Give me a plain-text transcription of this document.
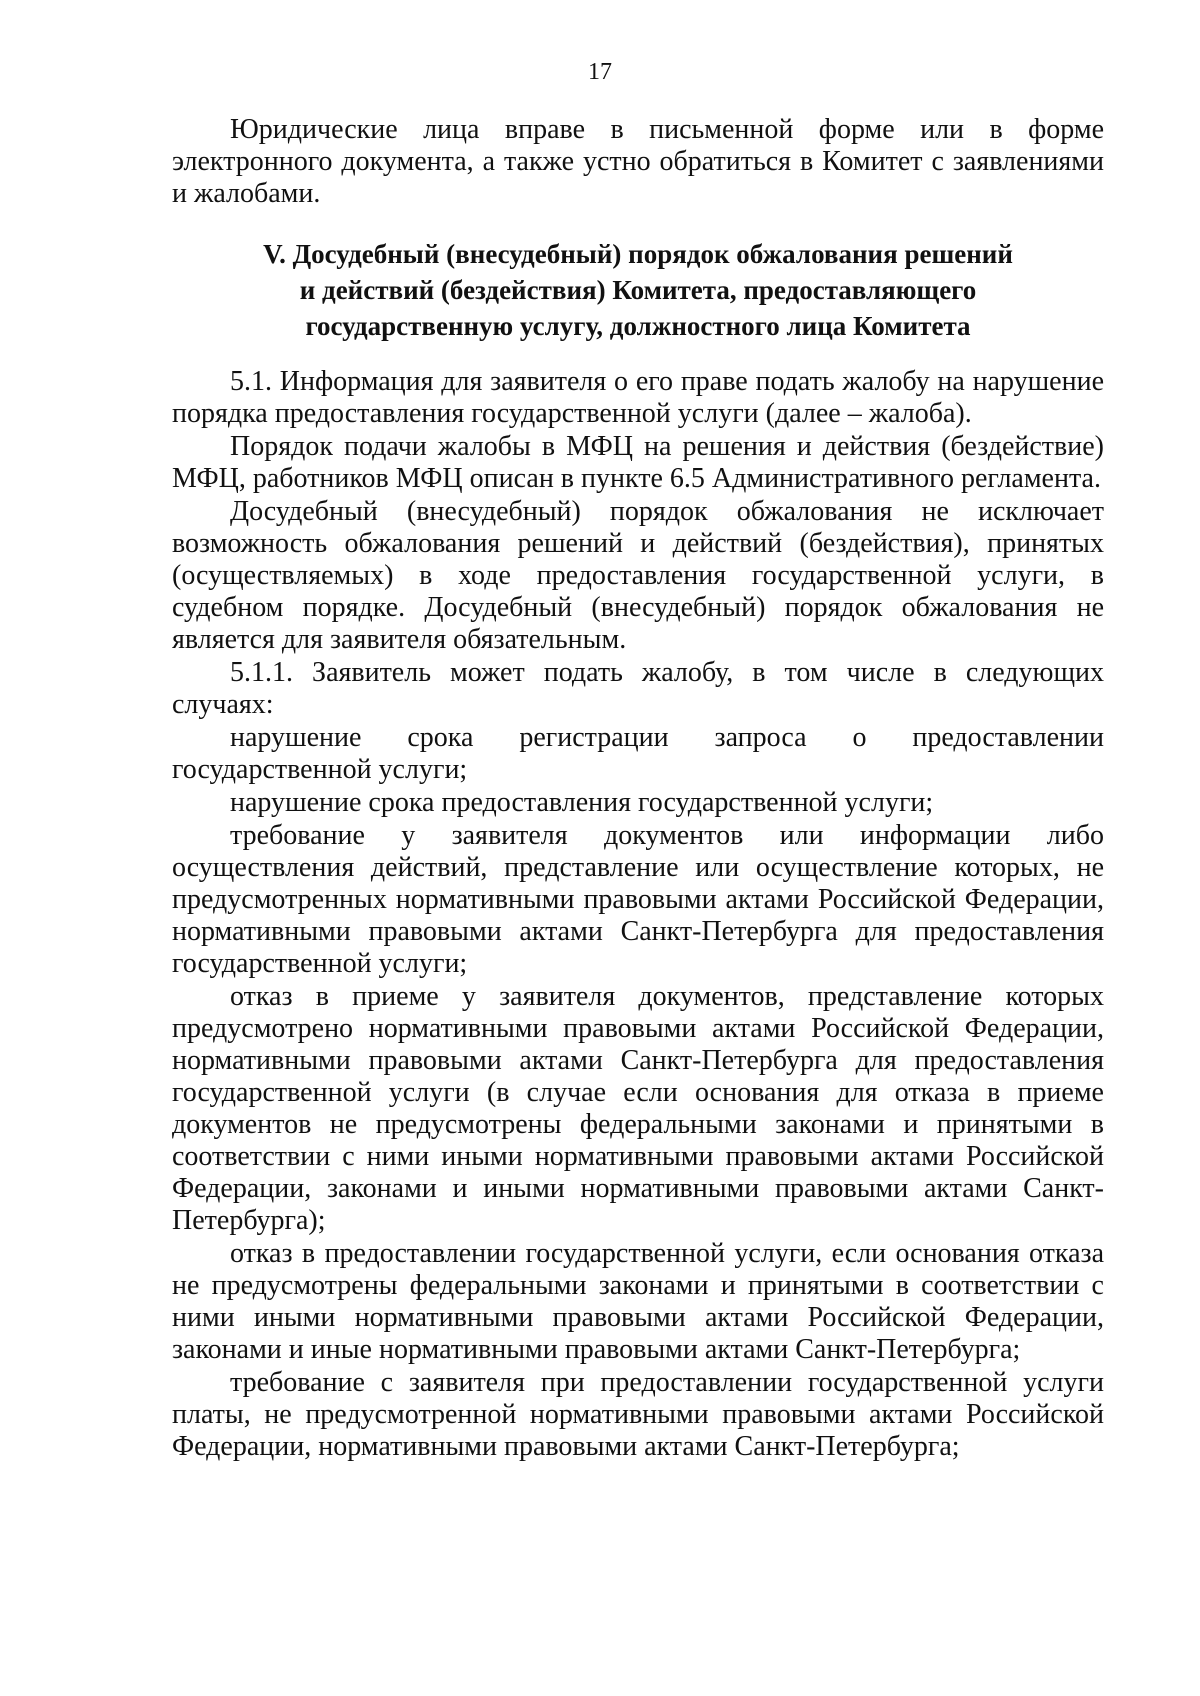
17

Юридические лица вправе в письменной форме или в форме электронного документа, а также устно обратиться в Комитет с заявлениями и жалобами.

V. Досудебный (внесудебный) порядок обжалования решений
и действий (бездействия) Комитета, предоставляющего
государственную услугу, должностного лица Комитета

5.1. Информация для заявителя о его праве подать жалобу на нарушение порядка предоставления государственной услуги (далее – жалоба).

Порядок подачи жалобы в МФЦ на решения и действия (бездействие) МФЦ, работников МФЦ описан в пункте 6.5 Административного регламента.

Досудебный (внесудебный) порядок обжалования не исключает возможность обжалования решений и действий (бездействия), принятых (осуществляемых) в ходе предоставления государственной услуги, в судебном порядке. Досудебный (внесудебный) порядок обжалования не является для заявителя обязательным.

5.1.1. Заявитель может подать жалобу, в том числе в следующих случаях:

нарушение срока регистрации запроса о предоставлении государственной услуги;

нарушение срока предоставления государственной услуги;

требование у заявителя документов или информации либо осуществления действий, представление или осуществление которых, не предусмотренных нормативными правовыми актами Российской Федерации, нормативными правовыми актами Санкт-Петербурга для предоставления государственной услуги;

отказ в приеме у заявителя документов, представление которых предусмотрено нормативными правовыми актами Российской Федерации, нормативными правовыми актами Санкт-Петербурга для предоставления государственной услуги (в случае если основания для отказа в приеме документов не предусмотрены федеральными законами и принятыми в соответствии с ними иными нормативными правовыми актами Российской Федерации, законами и иными нормативными правовыми актами Санкт-Петербурга);

отказ в предоставлении государственной услуги, если основания отказа не предусмотрены федеральными законами и принятыми в соответствии с ними иными нормативными правовыми актами Российской Федерации, законами и иные нормативными правовыми актами Санкт-Петербурга;

требование с заявителя при предоставлении государственной услуги платы, не предусмотренной нормативными правовыми актами Российской Федерации, нормативными правовыми актами Санкт-Петербурга;
